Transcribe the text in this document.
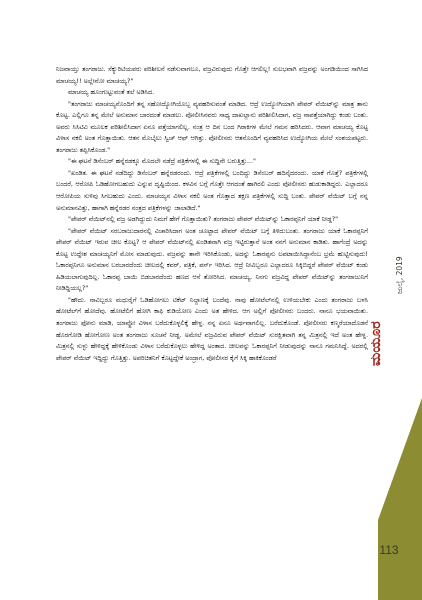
ನಿಜವಾಯ್ತು ತಂಗರಾಜು. ಸೆಕ್ಯುರಿಟಿಯವರು ಪರಿಶೀಲನೆ ನಡೆಸುವಾಗಲೂ, ವಜ್ರವಿರುವುದು ಗೊತ್ತೇ ಆಗಲಿಲ್ಲ! ಸುಲಭವಾಗಿ ವಜ್ರವನ್ನು ಅಂಗಡಿಯಿಂದ ಸಾಗಿಸಿದ ಮಾಚಯ್ಯ!! ಅಲ್ಲೇನೋ ಮಾಚಯ್ಯ?"

ಮಾಚಯ್ಯ ಹೂಂಗುಟ್ಟುವಂತೆ ತಲೆ ಅಡಿಸಿದ.

"ತಂಗರಾಜು ಮಾಚಯ್ಯನೊಂದಿಗೆ ತನ್ನ ಸಹೋದ್ಯೋಗಿಯೊಬ್ಬ ವ್ಯವಹರಿಸುವಂತೆ ಮಾಡಿದ. ಆದ್ರೆ ಉದ್ಯೋಗಿಯಾಗಿ ಪೇಪರ್ ವೆಯಿಟ್‌ನ್ನು ಮಾತ್ರ ತಾನು ಕೊಟ್ಟ. ಎಲ್ಲಿಗೂ ತನ್ನ ಮೇಲೆ ಅನುಮಾನ ಬಾರದಂತೆ ಮಾಡಲು. ಪೋಲೀಸಿನವರು ಸಾಧ್ಯ ದಾಖಲ್ಲಾನು ಪರಿಶೀಲಿಸಿದಾಗ, ವಜ್ರ ನಾಪತ್ತೆಯಾಗಿದ್ದು ಕಂಡು ಬಂತು. ಅವರು ಸಿಸಿಟಿವಿ ಮೂಲಕ ಪರಿಶೀಲಿಸಿದಾಗ ಏನೂ ಪತ್ತೆಯಾಗಲಿಲ್ಲ. ನಂತ್ರ ಆ ದಿನ ಬಂದ ಗಿರಾಕಿಗಳ ಮೇಲೆ ಗಮನ ಹರಿಸಿದರು. ಆವಾಗ ಮಾಚಯ್ಯ ಕೊಟ್ಟ ವಿಳಾಸ ನಕಲಿ ಅಂತ ಗೊತ್ತಾಯಿತು. ಆತನ ಮೊಬೈಲು ಸ್ವಿಚ್ ಆಫ್ ಆಗಿತ್ತು. ಪೋಲೀಸರು ಆತನೊಂದಿಗೆ ವ್ಯವಹರಿಸಿದ ಉದ್ಯೋಗಿಯ ಮೇಲೆ ಸಂಶಯಪಟ್ಟರು. ತಂಗರಾಜು ತಪ್ಪಿಸಿಕೊಂಡ."

"ಈ ಘಟನೆ ಡಿಸೆಂಬರ್ ಹನ್ನೆರಡಕ್ಕೂ ಮೊದಲೇ ನಡೆದ್ರೆ ಪತ್ರಿಕೆಗಳಲ್ಲಿ ಈ ಸುದ್ದಿನೇ ಬರುತ್ತಿತ್ತು..."

"ಖಂಡಿತ. ಈ ಘಟನೆ ನಡೆದಿದ್ದು ಡಿಸೆಂಬರ್ ಹನ್ನೆರಡರಂದು. ಆದ್ರೆ ಪತ್ರಿಕೆಗಳಲ್ಲಿ ಬಂದಿದ್ದು ಡಿಸೆಂಬರ್ ಹದಿನೈದರಂದು. ಯಾಕೆ ಗೊತ್ತೆ? ಪತ್ರಿಕೆಗಳಲ್ಲಿ ಬಂದರೆ, ಆರೋಪಿ ಓಡಿಹೋಗಬಹುದು ಎನ್ನುವ ದೃಷ್ಟಿಯಿಂದ. ಕಳವಿನ ಬಗ್ಗೆ ಗೊತ್ತೇ ಆಗದಂತೆ ಹಾಗಿರಲಿ ಎಂದು ಪೋಲೀಸರು ಹುಡುಕಾಡಿದ್ದರು. ಎಲ್ಲಾದರೂ ಆರೋಪಿಯ ಸುಳಿವು ಸಿಗಬಹುದು ಎಂದು. ಮಾಚಯ್ಯನ ವಿಳಾಸ ನಕಲಿ ಅಂತ ಗೊತ್ತಾದ ತಕ್ಷಣ ಪತ್ರಿಕೆಗಳಲ್ಲಿ ಸುದ್ದಿ ಬಂತು. ಪೇಪರ್ ವೆಯಿಟ್ ಬಗ್ಗೆ ನನ್ನ ಅನುಮಾನವಿತ್ತು, ಹಾಗಾಗಿ ಹನ್ನೆರಡರ ನಂತ್ರದ ಪತ್ರಿಕೆಗಳನ್ನು ಜಾಲಾಡಿದೆ."

"ಪೇಪರ್ ವೆಯಿಟ್‌ನಲ್ಲಿ ವಜ್ರ ಅಡಗಿದ್ದುದು ನಿಮಗೆ ಹೇಗೆ ಗೊತ್ತಾಯಿತು? ತಂಗರಾಜು ಪೇಪರ್ ವೆಯಿಟ್‌ನ್ನು ಓಕಾರಪ್ಪನಿಗೆ ಯಾಕೆ ನೀಡ್ದ?"

"ಪೇಪರ್ ವೆಯಿಟ್ ಸರಬರಾಜುದಾರನಲ್ಲಿ ವಿಚಾರಿಸಿದಾಗ ಅಂತ ಚೂಟ್ಟಾದ ಪೇಪರ್ ವೆಯಿಟ್ ಬಗ್ಗೆ ತಿಳಿದುಬಂತು. ತಂಗರಾಜು ಯಾಕೆ ಓಕಾರಪ್ಪನಿಗೆ ಪೇಪರ್ ವೆಯಿಟ್ ಇರುವ ಚೀಲ ಕೊಟ್ಟ? ಆ ಪೇಪರ್ ವೆಯಿಟ್‌ನಲ್ಲಿ ಖಂಡಿತವಾಗಿ ವಜ್ರ ಇಟ್ಟಿರುತ್ತಾನೆ ಅಂತ ನನಗೆ ಅನುಮಾನ ಕಾಡಿತು. ಹಾಗೆಂದ್ರೆ ಅದನ್ನು ಕೊಟ್ಟ ಉದ್ದೇಶ ಮಾಚಯ್ಯನಿಗೆ ಮೋಸ ಮಾಡುವುದು. ವಜ್ರವನ್ನು ತಾನೇ ಇರಿಸಿಕೊಂಡು, ಅದನ್ನು ಓಕಾರಪ್ಪನು ಲಪಟಾಯಿಸಿದ್ದಾನೆಂಬ ಭ್ರಮೆ ಹುಟ್ಟಿಸುವುದು! ಓಕಾರಪ್ಪನಿಗೂ ಅನುಮಾನ ಬರಬಾರದೆಂದು ಚೀಲದಲ್ಲಿ ಕವರ್, ಪತ್ರಿಕೆ, ಪರ್ಸ್ ಇರಿಸಿದ. ಆದ್ರೆ ನೀವಿಬ್ಬರೂ ಎಲ್ಲಾದರೂ ಸಿಕ್ಕಿಬಿದ್ದರೆ ಪೇಪರ್ ವೆಯಿಟ್ ಕಂಡು ಹಿಡಿಯಲಾಗುವುದಿಲ್ಲ. ಓಕಾರಪ್ಪ ಬಾಯಿ ಬಿಡಬಾರದೆಂದು ಹಣದ ಆಸೆ ತೋರಿಸಿದ. ಮಾಚಯ್ಯ, ನಿನಗು ವಜ್ರವಿದ್ದ ಪೇಪರ್ ವೆಯಿಟ್‌ನ್ನು ತಂಗರಾಜುನಿಗೆ ನೀಡಿದ್ದಿಯಲ್ಲ?"

"ಹೌದು. ನಾವಿಬ್ಬರೂ ಮಧುರೈಗೆ ಓಡಿಹೋಗಲು ಟಿಕೆಟ್ ನಿಲ್ದಾಣಕ್ಕೆ ಬಂದೆವು. ನಾವು ಹೋಟೆಲ್‌ನಲ್ಲಿ ಉಳಿಯಬೇಕು ಎಂದು ತಂಗರಾಜು ಬಳಸಿ ಹೋಟೆಲ್‌ಗೆ ಹೋದೆವು. ಹೋಟೆಲಿಗೆ ಹೋಗಿ ಕಾಫಿ ಕುಡಿಯೋಣ ಎಂದು ಅತ ಹೇಳಿದ. ಆಗ ಅಲ್ಲಿಗೆ ಪೋಲೀಸರು ಬಂದರು. ನಾನೂ ಭಯವಾಯಿತು. ತಂಗರಾಜು ಫೋನು ಮಾಡಿ, ಯಾವ್ದೋ ವಿಳಾಸ ಬರೆದುಕೊಳ್ಳಲಿಕ್ಕೆ ಹೇಳ್ದ. ನನ್ನ ಏನೂ ಅರ್ಥವಾಗಲಿಲ್ಲ. ಬರೆದುಕೊಂಡೆ. ಪೋಲೀಸರು ಕಣ್ಮರೆಯಾದೊಡನೆ ಹೊರಗೋಡಿ ಹೋಗೋಣ ಅಂತ ತಂಗರಾಜು ಸೂಚನೆ ನೀಡ್ದ. ಅಮೇಲೆ ವಜ್ರವಿರುವ ಪೇಪರ್ ವೆಯಿಟ್ ಸುರಕ್ಷಿತವಾಗಿ ತನ್ನ ಮಿತ್ರನಲ್ಲಿ ಇದೆ ಅಂತ ಹೇಳ್ದ. ಮಿತ್ರನಲ್ಲಿ ಸುಳ್ಳು ಹೇಳಿದ್ದಕ್ಕೆ ಹೇಳಿಕೊಂಡು ವಿಳಾಸ ಬರೆದುಕೊಳ್ಳಲು ಹೇಳಿದ್ದ ಅಂತಾದ. ಚೀಲವನ್ನು ಓಕಾರಪ್ಪನಿಗೆ ನೀಡುವುದನ್ನು ನಾನೂ ಗಮನಿಸಿದ್ದೆ. ಅದರಲ್ಲಿ ಪೇಪರ್ ವೆಯಿಟ್ ಇದ್ದಿದ್ದು ಗೊತ್ತಿತ್ತು. ಅಪರಿಚಿತನಿಗೆ ಕೊಟ್ಟದ್ದೇಕೆ ಅಂದ್ರಾಗ, ಪೋಲೀಸರ ಕೈಗೆ ಸಿಕ್ಕಿ ಹಾಕಿಕೊಂಡರೆ	ಮಯೂರ
ಜುಲೈ, 2019
113
